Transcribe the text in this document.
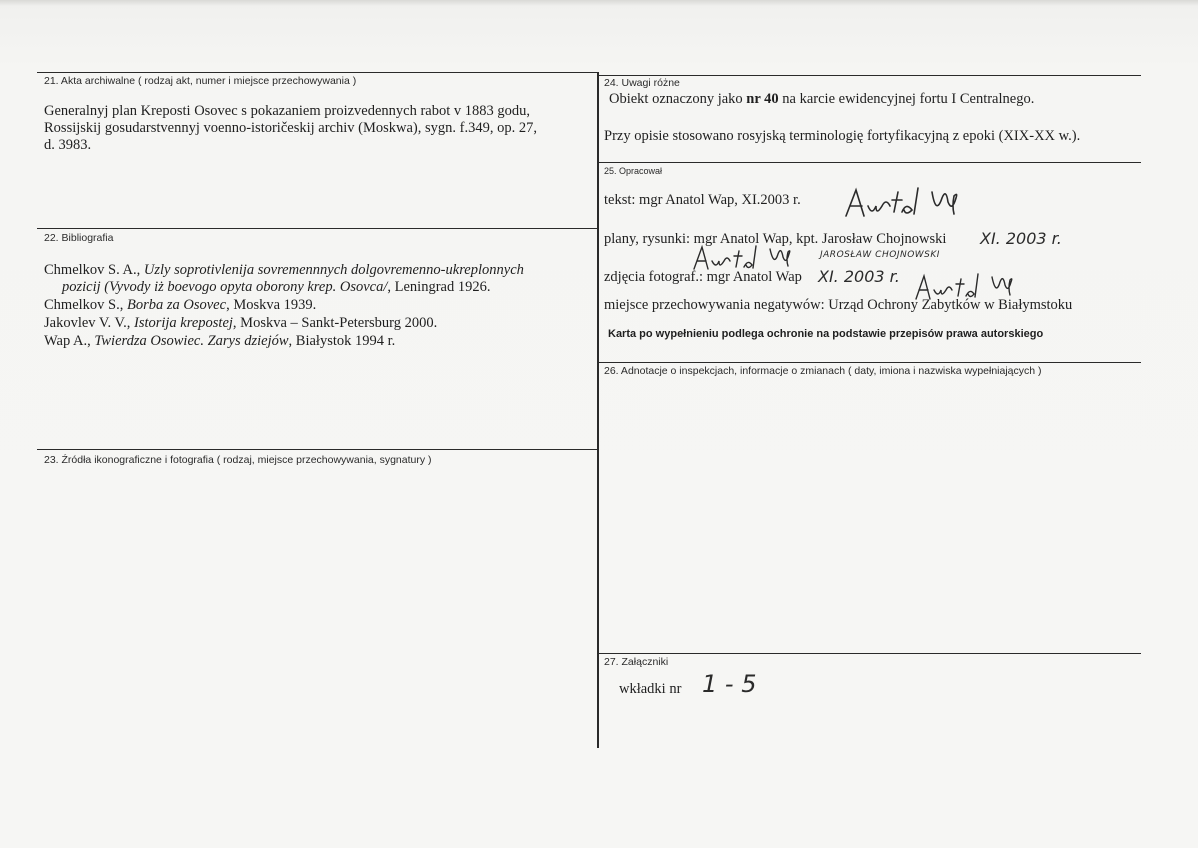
21. Akta archiwalne ( rodzaj akt, numer i miejsce przechowywania )
Generalnyj plan Kreposti Osovec s pokazaniem proizvedennych rabot v 1883 godu,
Rossijskij gosudarstvennyj voenno-istoričeskij archiv (Moskwa), sygn. f.349, op. 27,
d. 3983.
22. Bibliografia
Chmelkov S. A., Uzly soprotivlenija sovremennnych dolgovremenno-ukreplonnych
pozicij (Vyvody iż boevogo opyta oborony krep. Osovca/, Leningrad 1926.
Chmelkov S., Borba za Osovec, Moskva 1939.
Jakovlev V. V., Istorija krepostej, Moskva – Sankt-Petersburg 2000.
Wap A., Twierdza Osowiec. Zarys dziejów, Białystok 1994 r.
23. Źródła ikonograficzne i fotografia ( rodzaj, miejsce przechowywania, sygnatury )
24. Uwagi różne
Obiekt oznaczony jako nr 40 na karcie ewidencyjnej fortu I Centralnego.
Przy opisie stosowano rosyjską terminologię fortyfikacyjną z epoki (XIX-XX w.).
25. Opracował
tekst: mgr Anatol Wap, XI.2003 r.
plany, rysunki: mgr Anatol Wap, kpt. Jarosław Chojnowski XI. 2003 r.
JAROSŁAW CHOJNOWSKI
zdjęcia fotograf.: mgr Anatol Wap XI. 2003 r.
miejsce przechowywania negatywów: Urząd Ochrony Zabytków w Białymstoku
Karta po wypełnieniu podlega ochronie na podstawie przepisów prawa autorskiego
26. Adnotacje o inspekcjach, informacje o zmianach ( daty, imiona i nazwiska wypełniających )
27. Załączniki
wkładki nr 1 - 5
